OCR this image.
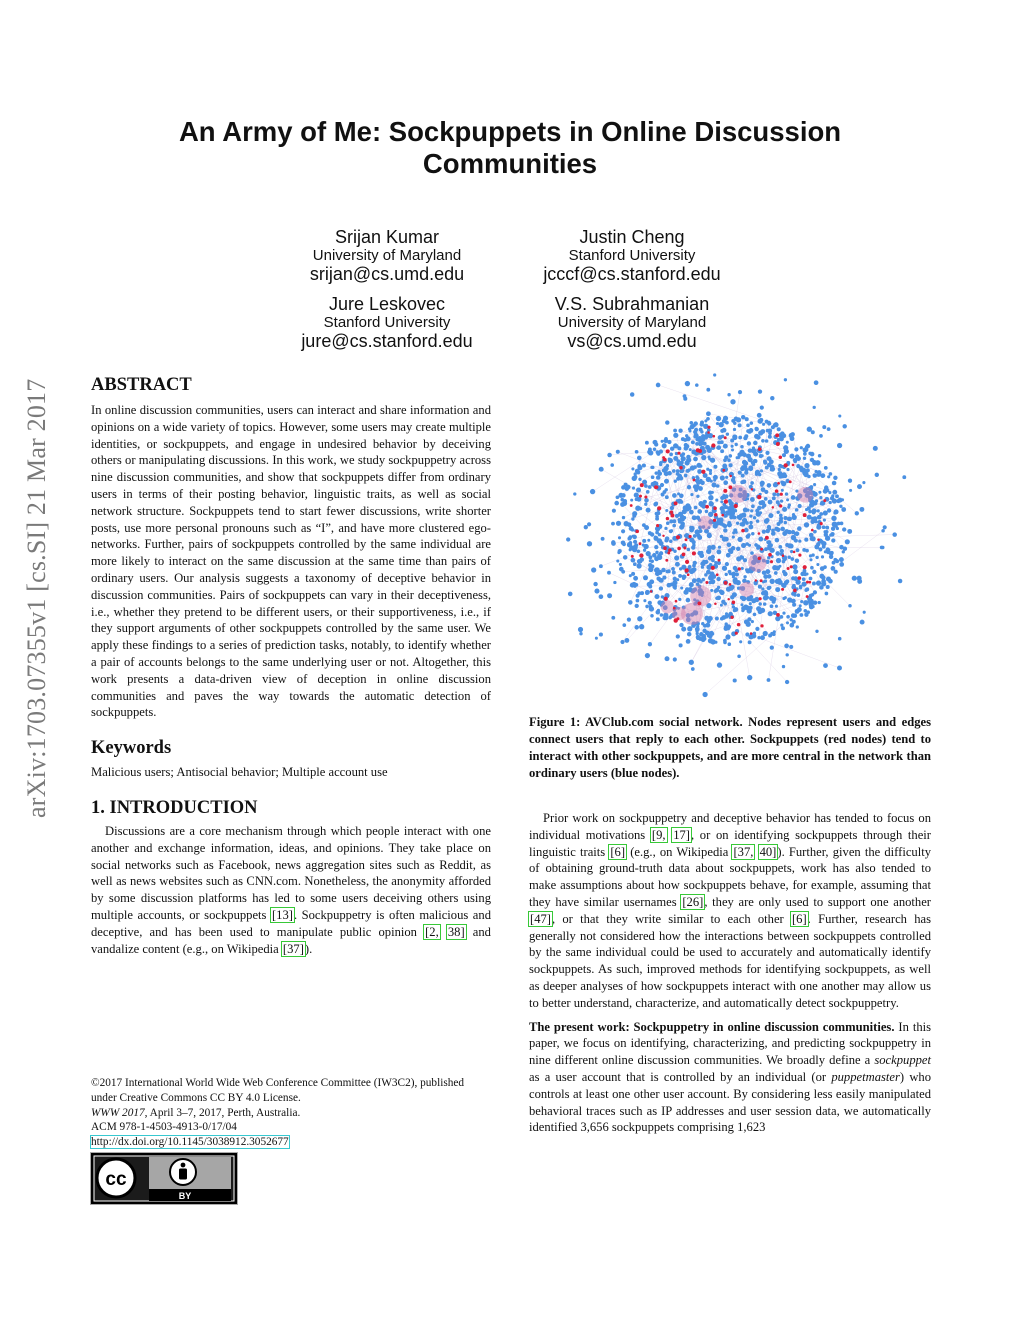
arXiv:1703.07355v1 [cs.SI] 21 Mar 2017
An Army of Me: Sockpuppets in Online Discussion Communities
Srijan Kumar
University of Maryland
srijan@cs.umd.edu
Justin Cheng
Stanford University
jcccf@cs.stanford.edu
Jure Leskovec
Stanford University
jure@cs.stanford.edu
V.S. Subrahmanian
University of Maryland
vs@cs.umd.edu
ABSTRACT

In online discussion communities, users can interact and share information and opinions on a wide variety of topics. However, some users may create multiple identities, or sockpuppets, and engage in undesired behavior by deceiving others or manipulating discussions. In this work, we study sockpuppetry across nine discussion communities, and show that sockpuppets differ from ordinary users in terms of their posting behavior, linguistic traits, as well as social network structure. Sockpuppets tend to start fewer discussions, write shorter posts, use more personal pronouns such as “I”, and have more clustered ego-networks. Further, pairs of sockpuppets controlled by the same individual are more likely to interact on the same discussion at the same time than pairs of ordinary users. Our analysis suggests a taxonomy of deceptive behavior in discussion communities. Pairs of sockpuppets can vary in their deceptiveness, i.e., whether they pretend to be different users, or their supportiveness, i.e., if they support arguments of other sockpuppets controlled by the same user. We apply these findings to a series of prediction tasks, notably, to identify whether a pair of accounts belongs to the same underlying user or not. Altogether, this work presents a data-driven view of deception in online discussion communities and paves the way towards the automatic detection of sockpuppets.

Keywords

Malicious users; Antisocial behavior; Multiple account use

1. INTRODUCTION

Discussions are a core mechanism through which people interact with one another and exchange information, ideas, and opinions. They take place on social networks such as Facebook, news aggregation sites such as Reddit, as well as news websites such as CNN.com. Nonetheless, the anonymity afforded by some discussion platforms has led to some users deceiving others using multiple accounts, or sockpuppets [13]. Sockpuppetry is often malicious and deceptive, and has been used to manipulate public opinion [2, 38] and vandalize content (e.g., on Wikipedia [37]).

©2017 International World Wide Web Conference Committee (IW3C2), published under Creative Commons CC BY 4.0 License.
WWW 2017, April 3–7, 2017, Perth, Australia.
ACM 978-1-4503-4913-0/17/04
http://dx.doi.org/10.1145/3038912.3052677
cc
BY
Figure 1: AVClub.com social network. Nodes represent users and edges connect users that reply to each other. Sockpuppets (red nodes) tend to interact with other sockpuppets, and are more central in the network than ordinary users (blue nodes).

Prior work on sockpuppetry and deceptive behavior has tended to focus on individual motivations [9, 17], or on identifying sockpuppets through their linguistic traits [6] (e.g., on Wikipedia [37, 40]). Further, given the difficulty of obtaining ground-truth data about sockpuppets, work has also tended to make assumptions about how sockpuppets behave, for example, assuming that they have similar usernames [26], they are only used to support one another [47], or that they write similar to each other [6]. Further, research has generally not considered how the interactions between sockpuppets controlled by the same individual could be used to accurately and automatically identify sockpuppets. As such, improved methods for identifying sockpuppets, as well as deeper analyses of how sockpuppets interact with one another may allow us to better understand, characterize, and automatically detect sockpuppetry.

The present work: Sockpuppetry in online discussion communities. In this paper, we focus on identifying, characterizing, and predicting sockpuppetry in nine different online discussion communities. We broadly define a sockpuppet as a user account that is controlled by an individual (or puppetmaster) who controls at least one other user account. By considering less easily manipulated behavioral traces such as IP addresses and user session data, we automatically identified 3,656 sockpuppets comprising 1,623
